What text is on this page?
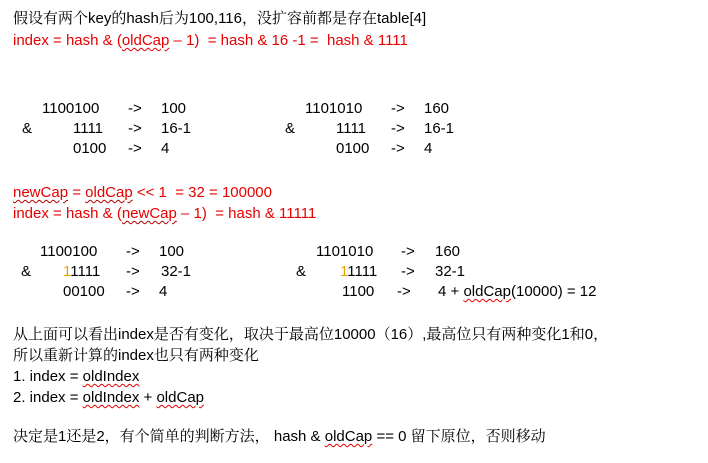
假设有两个key的hash后为100,116，没扩容前都是存在table[4]
index = hash & (oldCap – 1)  = hash & 16 -1 =  hash & 1111
1100100 -> 100
&	1111 -> 16-1
0100 -> 4
1101010 -> 160
&	1111 -> 16-1
0100 -> 4
newCap = oldCap << 1  = 32 = 100000
index = hash & (newCap – 1)  = hash & 11111
1100100 -> 100
& 11111 -> 32-1
00100 -> 4
1101010 -> 160
& 11111 -> 32-1
1100 -> 4 + oldCap(10000) = 12
从上面可以看出index是否有变化，取决于最高位10000（16）,最高位只有两种变化1和0，
所以重新计算的index也只有两种变化
1. index = oldIndex
2. index = oldIndex + oldCap
决定是1还是2，有个简单的判断方法， hash & oldCap == 0 留下原位，否则移动
